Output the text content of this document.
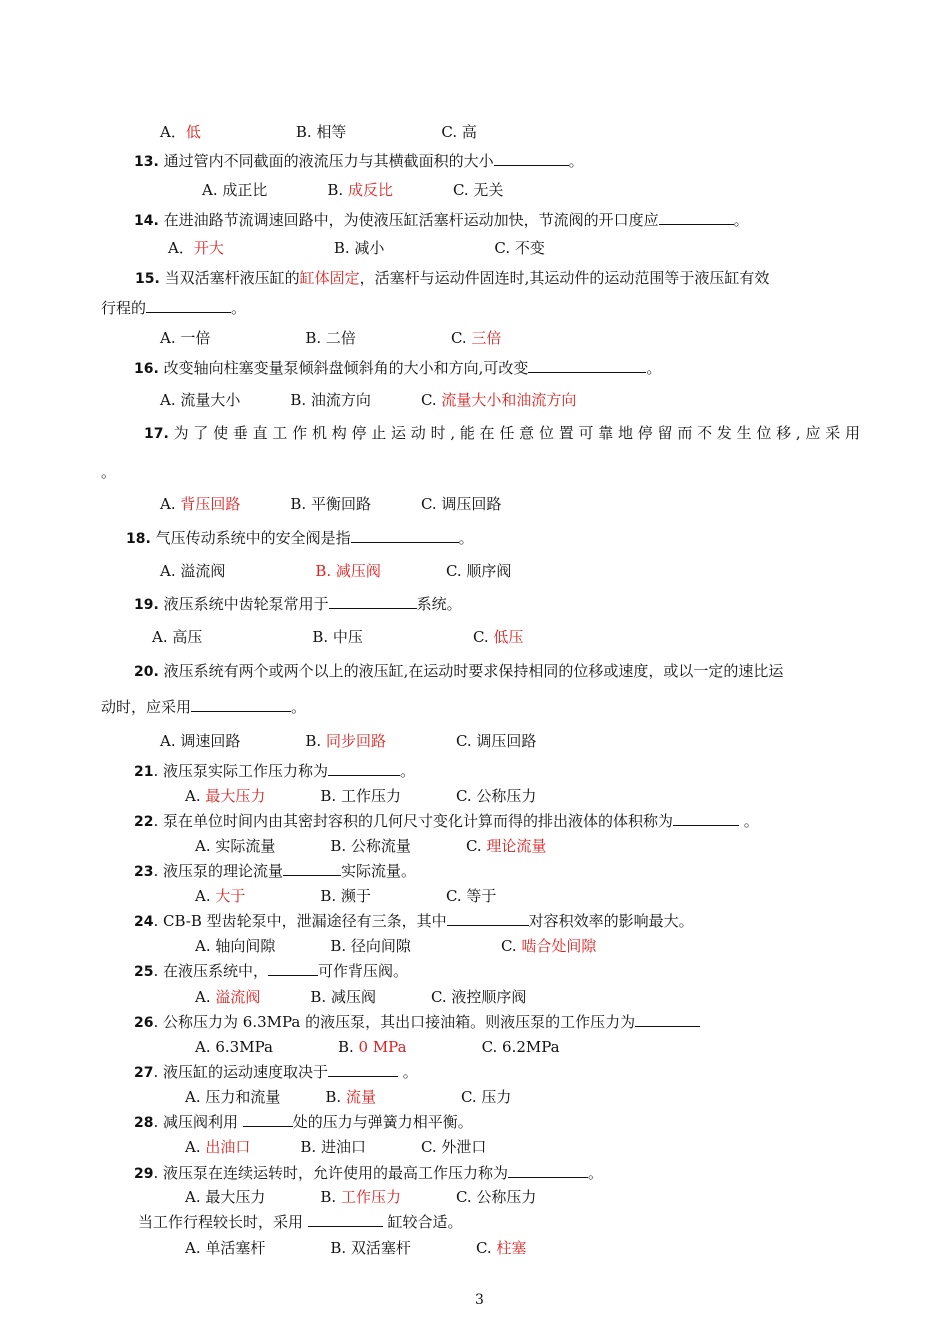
A．低	B. 相等	C. 高
13. 通过管内不同截面的液流压力与其横截面积的大小	。
A. 成正比	B. 成反比	C. 无关
14. 在进油路节流调速回路中，为使液压缸活塞杆运动加快，节流阀的开口度应	。
A．开大	B. 减小	C. 不变
15. 当双活塞杆液压缸的缸体固定，活塞杆与运动件固连时,其运动件的运动范围等于液压缸有效
行程的	。
A. 一倍	B. 二倍	C. 三倍
16. 改变轴向柱塞变量泵倾斜盘倾斜角的大小和方向,可改变	。
A. 流量大小	B. 油流方向	C. 流量大小和油流方向
17. 为 了 使 垂 直 工 作 机 构 停 止 运 动 时 , 能 在 任 意 位 置 可 靠 地 停 留 而 不 发 生 位 移 , 应 采 用
。
A. 背压回路	B. 平衡回路	C. 调压回路
18. 气压传动系统中的安全阀是指	。
A. 溢流阀	B. 减压阀	C. 顺序阀
19. 液压系统中齿轮泵常用于	系统。
A. 高压	B. 中压	C. 低压
20. 液压系统有两个或两个以上的液压缸,在运动时要求保持相同的位移或速度，或以一定的速比运
动时，应采用	。
A. 调速回路	B. 同步回路	C. 调压回路
21. 液压泵实际工作压力称为	。
A. 最大压力	B. 工作压力	C. 公称压力
22. 泵在单位时间内由其密封容积的几何尺寸变化计算而得的排出液体的体积称为	。
A. 实际流量	B. 公称流量	C. 理论流量
23. 液压泵的理论流量	实际流量。
A. 大于	B. 濒于	C. 等于
24. CB-B 型齿轮泵中，泄漏途径有三条，其中	对容积效率的影响最大。
A. 轴向间隙	B. 径向间隙	C. 啮合处间隙
25. 在液压系统中，	可作背压阀。
A. 溢流阀	B. 减压阀	C. 液控顺序阀
26. 公称压力为 6.3MPa 的液压泵，其出口接油箱。则液压泵的工作压力为
A. 6.3MPa	B. 0 MPa	C. 6.2MPa
27. 液压缸的运动速度取决于	。
A. 压力和流量	B. 流量	C. 压力
28. 减压阀利用	处的压力与弹簧力相平衡。
A. 出油口	B. 进油口	C. 外泄口
29. 液压泵在连续运转时，允许使用的最高工作压力称为	。
A. 最大压力	B. 工作压力	C. 公称压力
当工作行程较长时，采用	缸较合适。
A. 单活塞杆	B. 双活塞杆	C. 柱塞
3
